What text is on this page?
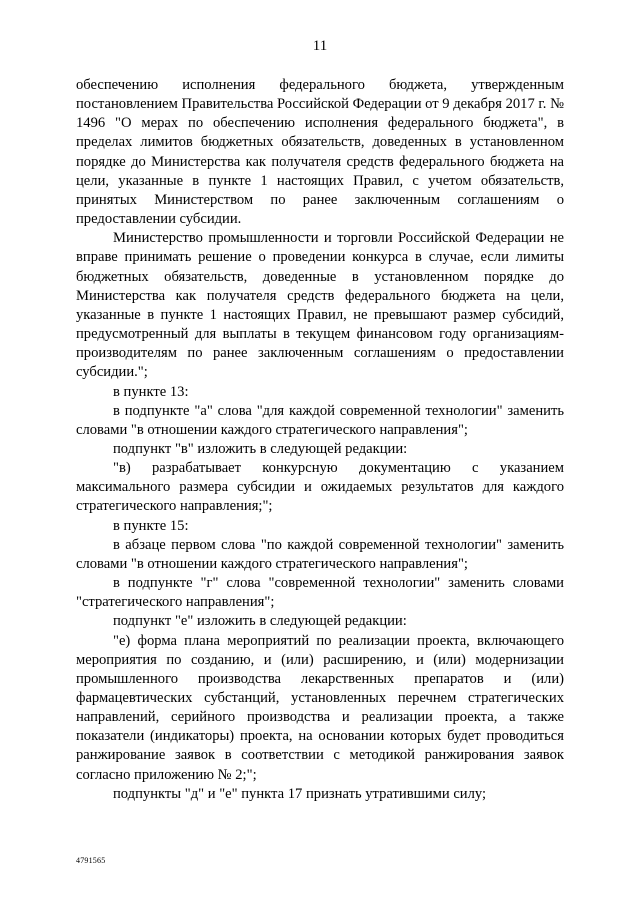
11

обеспечению исполнения федерального бюджета, утвержденным постановлением Правительства Российской Федерации от 9 декабря 2017 г. № 1496 "О мерах по обеспечению исполнения федерального бюджета", в пределах лимитов бюджетных обязательств, доведенных в установленном порядке до Министерства как получателя средств федерального бюджета на цели, указанные в пункте 1 настоящих Правил, с учетом обязательств, принятых Министерством по ранее заключенным соглашениям о предоставлении субсидии.

Министерство промышленности и торговли Российской Федерации не вправе принимать решение о проведении конкурса в случае, если лимиты бюджетных обязательств, доведенные в установленном порядке до Министерства как получателя средств федерального бюджета на цели, указанные в пункте 1 настоящих Правил, не превышают размер субсидий, предусмотренный для выплаты в текущем финансовом году организациям-производителям по ранее заключенным соглашениям о предоставлении субсидии.";

в пункте 13:

в подпункте "а" слова "для каждой современной технологии" заменить словами "в отношении каждого стратегического направления";

подпункт "в" изложить в следующей редакции:

"в) разрабатывает конкурсную документацию с указанием максимального размера субсидии и ожидаемых результатов для каждого стратегического направления;";

в пункте 15:

в абзаце первом слова "по каждой современной технологии" заменить словами "в отношении каждого стратегического направления";

в подпункте "г" слова "современной технологии" заменить словами "стратегического направления";

подпункт "е" изложить в следующей редакции:

"е) форма плана мероприятий по реализации проекта, включающего мероприятия по созданию, и (или) расширению, и (или) модернизации промышленного производства лекарственных препаратов и (или) фармацевтических субстанций, установленных перечнем стратегических направлений, серийного производства и реализации проекта, а также показатели (индикаторы) проекта, на основании которых будет проводиться ранжирование заявок в соответствии с методикой ранжирования заявок согласно приложению № 2;";

подпункты "д" и "е" пункта 17 признать утратившими силу;

4791565
